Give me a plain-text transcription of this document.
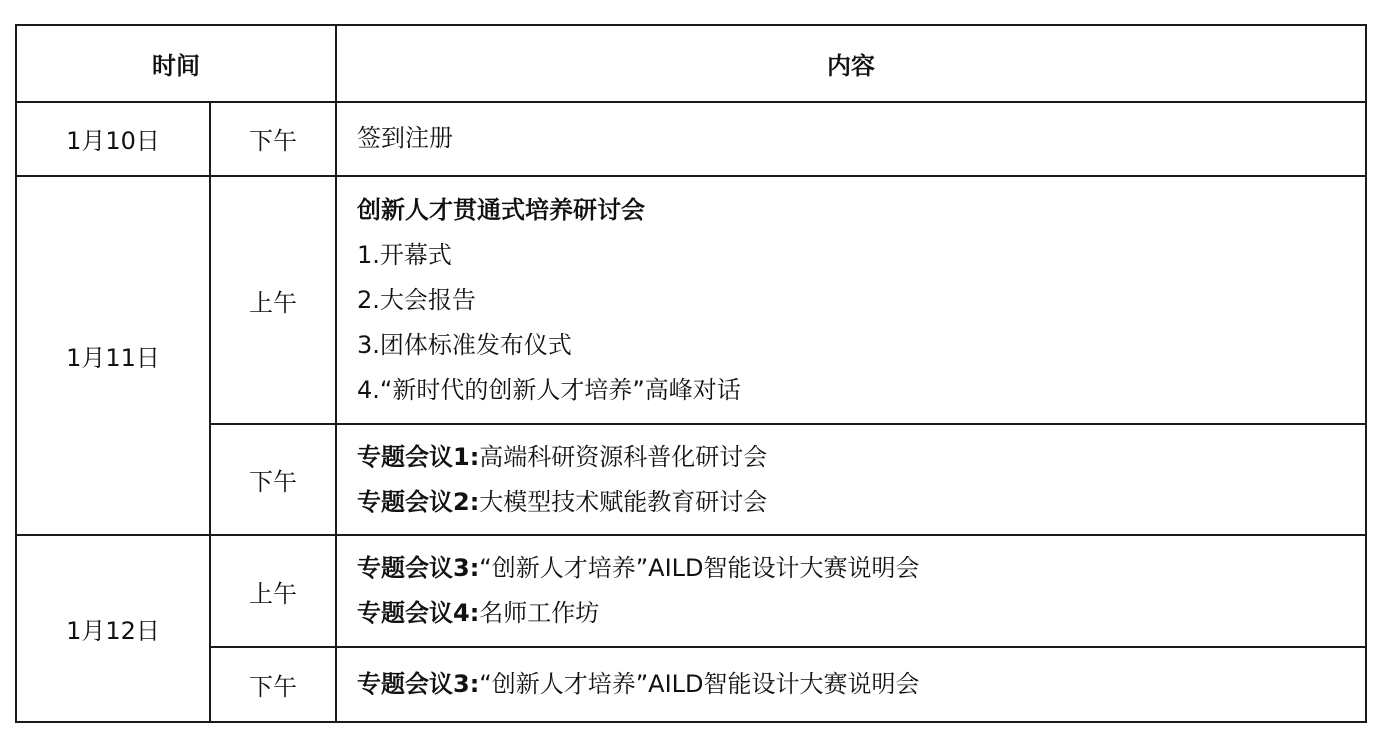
时间		内容
1月10日	下午	签到注册

1月11日	上午	创新人才贯通式培养研讨会
1.开幕式
2.大会报告
3.团体标准发布仪式
4.“新时代的创新人才培养”高峰对话

	下午	专题会议1:高端科研资源科普化研讨会
专题会议2:大模型技术赋能教育研讨会

1月12日	上午	专题会议3:“创新人才培养”AILD智能设计大赛说明会
专题会议4:名师工作坊

	下午	专题会议3:“创新人才培养”AILD智能设计大赛说明会
